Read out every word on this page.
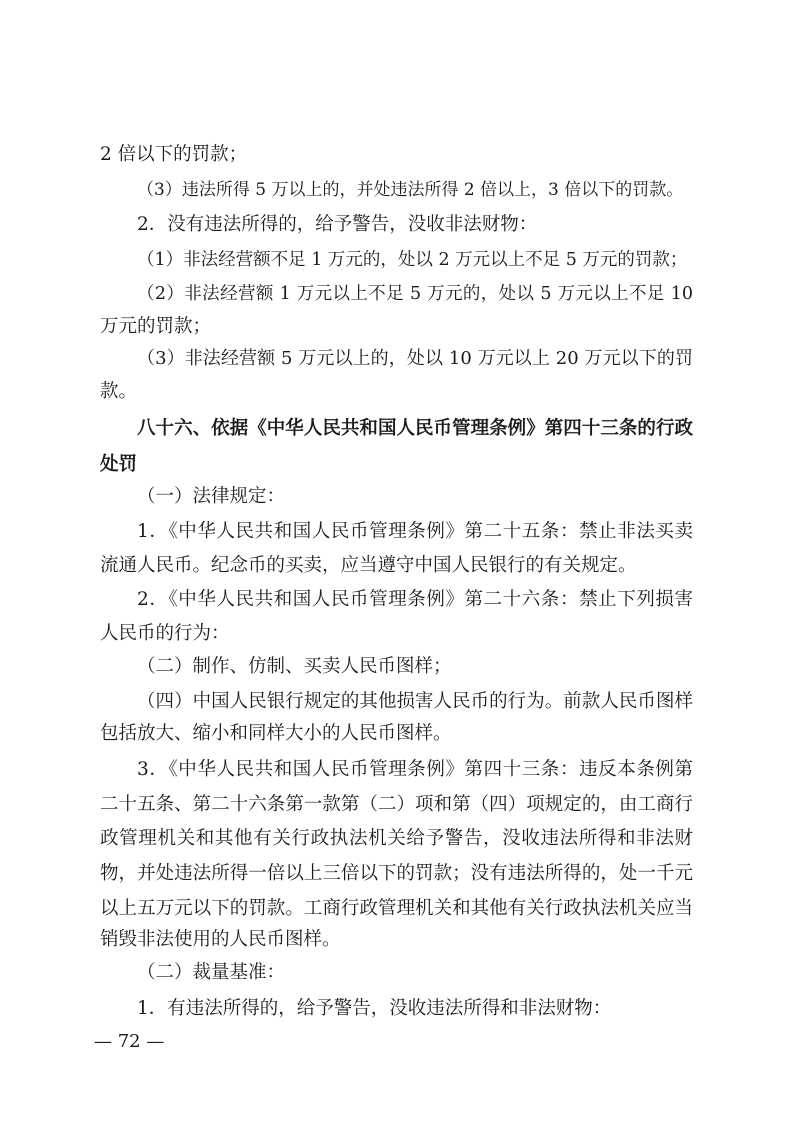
2 倍以下的罚款；
（3）违法所得 5 万以上的，并处违法所得 2 倍以上，3 倍以下的罚款。
2．没有违法所得的，给予警告，没收非法财物：
（1）非法经营额不足 1 万元的，处以 2 万元以上不足 5 万元的罚款；
（2）非法经营额 1 万元以上不足 5 万元的，处以 5 万元以上不足 10
万元的罚款；
（3）非法经营额 5 万元以上的，处以 10 万元以上 20 万元以下的罚
款。
八十六、依据《中华人民共和国人民币管理条例》第四十三条的行政
处罚
（一）法律规定：
1．《中华人民共和国人民币管理条例》第二十五条：禁止非法买卖
流通人民币。纪念币的买卖，应当遵守中国人民银行的有关规定。
2．《中华人民共和国人民币管理条例》第二十六条：禁止下列损害
人民币的行为：
（二）制作、仿制、买卖人民币图样；
（四）中国人民银行规定的其他损害人民币的行为。前款人民币图样
包括放大、缩小和同样大小的人民币图样。
3．《中华人民共和国人民币管理条例》第四十三条：违反本条例第
二十五条、第二十六条第一款第（二）项和第（四）项规定的，由工商行
政管理机关和其他有关行政执法机关给予警告，没收违法所得和非法财
物，并处违法所得一倍以上三倍以下的罚款；没有违法所得的，处一千元
以上五万元以下的罚款。工商行政管理机关和其他有关行政执法机关应当
销毁非法使用的人民币图样。
（二）裁量基准：
1．有违法所得的，给予警告，没收违法所得和非法财物：
— 72 —
